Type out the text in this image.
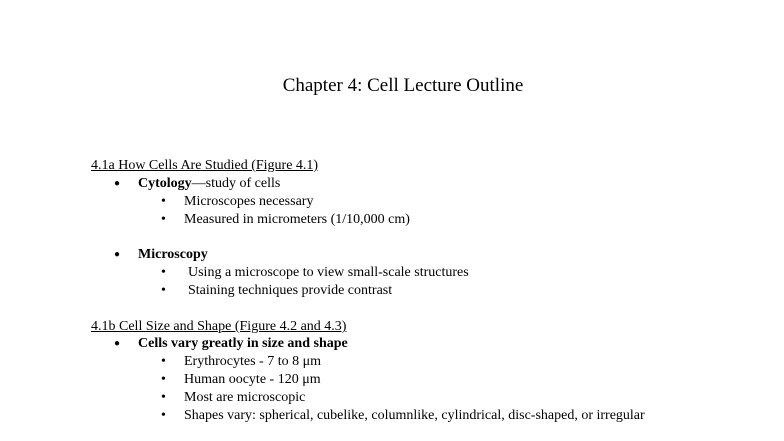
Chapter 4: Cell Lecture Outline
4.1a How Cells Are Studied (Figure 4.1)
● Cytology—study of cells
• Microscopes necessary
• Measured in micrometers (1/10,000 cm)
● Microscopy
• Using a microscope to view small-scale structures
• Staining techniques provide contrast
4.1b Cell Size and Shape (Figure 4.2 and 4.3)
● Cells vary greatly in size and shape
• Erythrocytes - 7 to 8 μm
• Human oocyte - 120 μm
• Most are microscopic
• Shapes vary: spherical, cubelike, columnlike, cylindrical, disc-shaped, or irregular
